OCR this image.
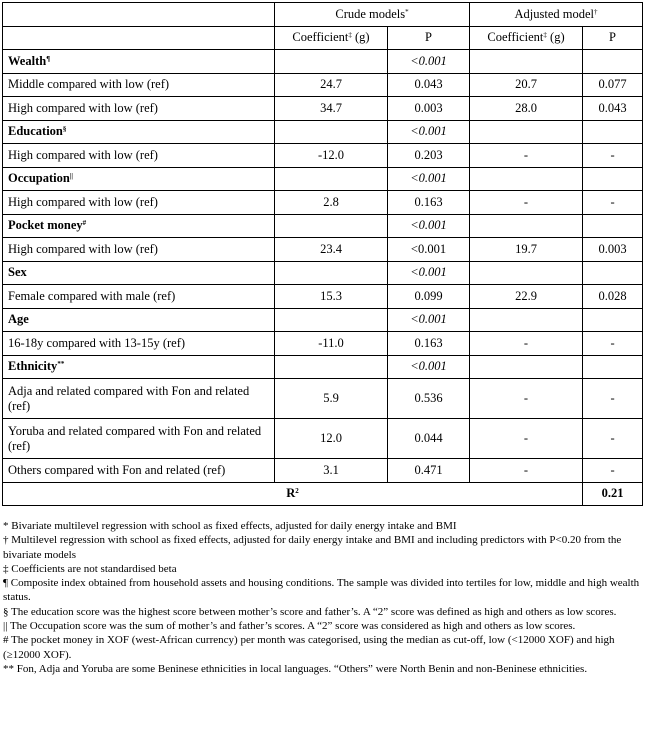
	Crude models*		Adjusted model†
	Coefficient‡ (g)	P	Coefficient‡ (g)	P
Wealth¶		<0.001		
Middle compared with low (ref)	24.7	0.043	20.7	0.077
High compared with low (ref)	34.7	0.003	28.0	0.043
Education§		<0.001		
High compared with low (ref)	-12.0	0.203	-	-
Occupation||		<0.001		
High compared with low (ref)	2.8	0.163	-	-
Pocket money#		<0.001		
High compared with low (ref)	23.4	<0.001	19.7	0.003
Sex		<0.001		
Female compared with male (ref)	15.3	0.099	22.9	0.028
Age		<0.001		
16-18y compared with 13-15y (ref)	-11.0	0.163	-	-
Ethnicity**		<0.001		
Adja and related compared with Fon and related (ref)	5.9	0.536	-	-
Yoruba and related compared with Fon and related (ref)	12.0	0.044	-	-
Others compared with Fon and related (ref)	3.1	0.471	-	-
$R^2$				0.21

* Bivariate multilevel regression with school as fixed effects, adjusted for daily energy intake and BMI

† Multilevel regression with school as fixed effects, adjusted for daily energy intake and BMI and including predictors with P<0.20 from the bivariate models

‡ Coefficients are not standardised beta

¶ Composite index obtained from household assets and housing conditions. The sample was divided into tertiles for low, middle and high wealth status.

§ The education score was the highest score between mother’s score and father’s. A “2” score was defined as high and others as low scores.

|| The Occupation score was the sum of mother’s and father’s scores. A “2” score was considered as high and others as low scores.

# The pocket money in XOF (west-African currency) per month was categorised, using the median as cut-off, low (<12000 XOF) and high (≥12000 XOF).

** Fon, Adja and Yoruba are some Beninese ethnicities in local languages. “Others” were North Benin and non-Beninese ethnicities.
